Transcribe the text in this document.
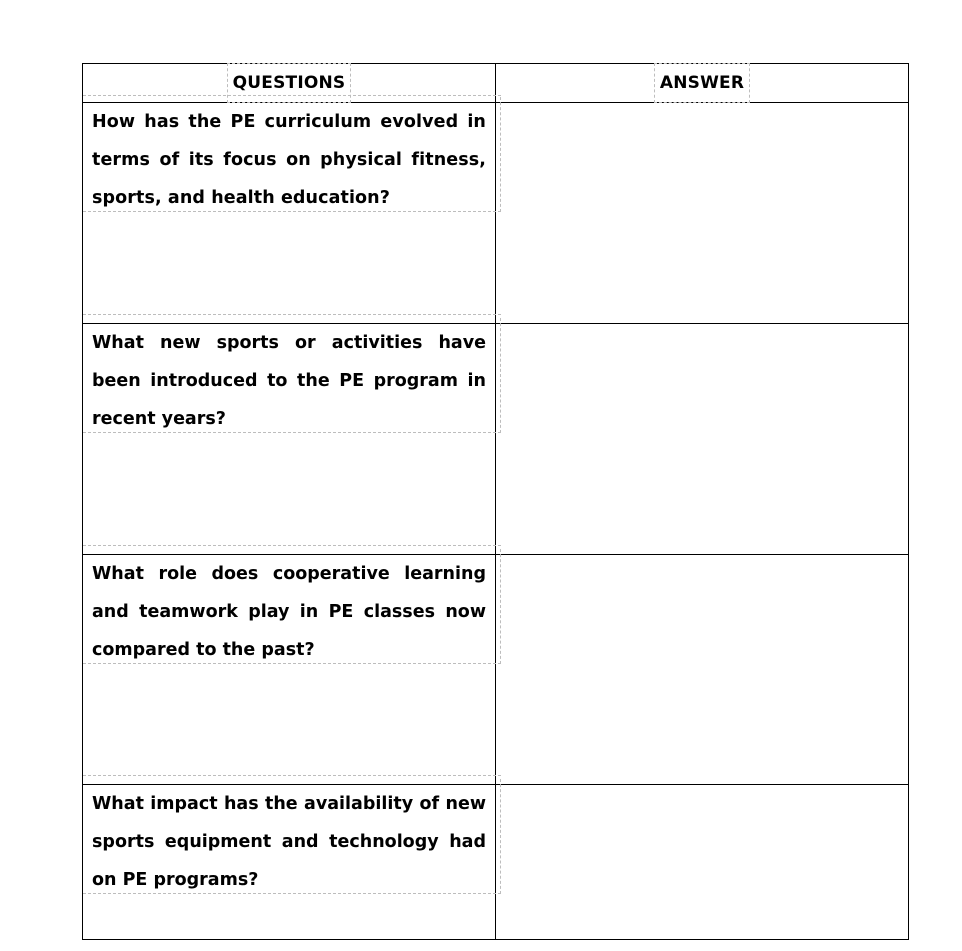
QUESTIONS	ANSWER

How has the PE curriculum evolved in terms of its focus on physical fitness, sports, and health education?	

What new sports or activities have been introduced to the PE program in recent years?	

What role does cooperative learning and teamwork play in PE classes now compared to the past?	

What impact has the availability of new sports equipment and technology had on PE programs?	
